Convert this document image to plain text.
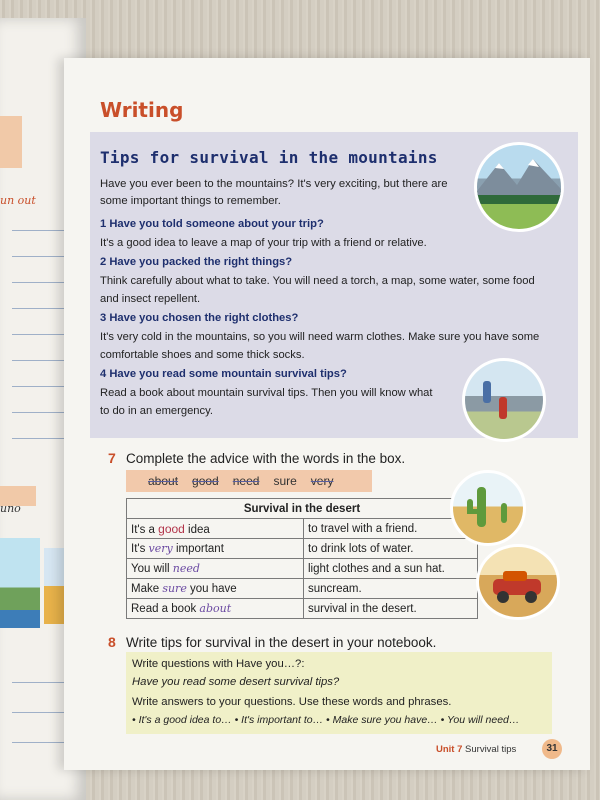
un out
uno
Writing
Tips for survival in the mountains
Have you ever been to the mountains? It's very exciting, but there are some important things to remember.
1 Have you told someone about your trip?
It's a good idea to leave a map of your trip with a friend or relative.
2 Have you packed the right things?
Think carefully about what to take. You will need a torch, a map, some water, some food and insect repellent.
3 Have you chosen the right clothes?
It's very cold in the mountains, so you will need warm clothes. Make sure you have some comfortable shoes and some thick socks.
4 Have you read some mountain survival tips?
Read a book about mountain survival tips. Then you will know what to do in an emergency.
7 Complete the advice with the words in the box.
about good need sure very
Survival in the desert	
It's a good idea	to travel with a friend.
It's very important	to drink lots of water.
You will need	light clothes and a sun hat.
Make sure you have	suncream.
Read a book about	survival in the desert.
8 Write tips for survival in the desert in your notebook.
Write questions with Have you…?:
Have you read some desert survival tips?
Write answers to your questions. Use these words and phrases.
• It's a good idea to… • It's important to… • Make sure you have… • You will need…
Unit 7 Survival tips	31
